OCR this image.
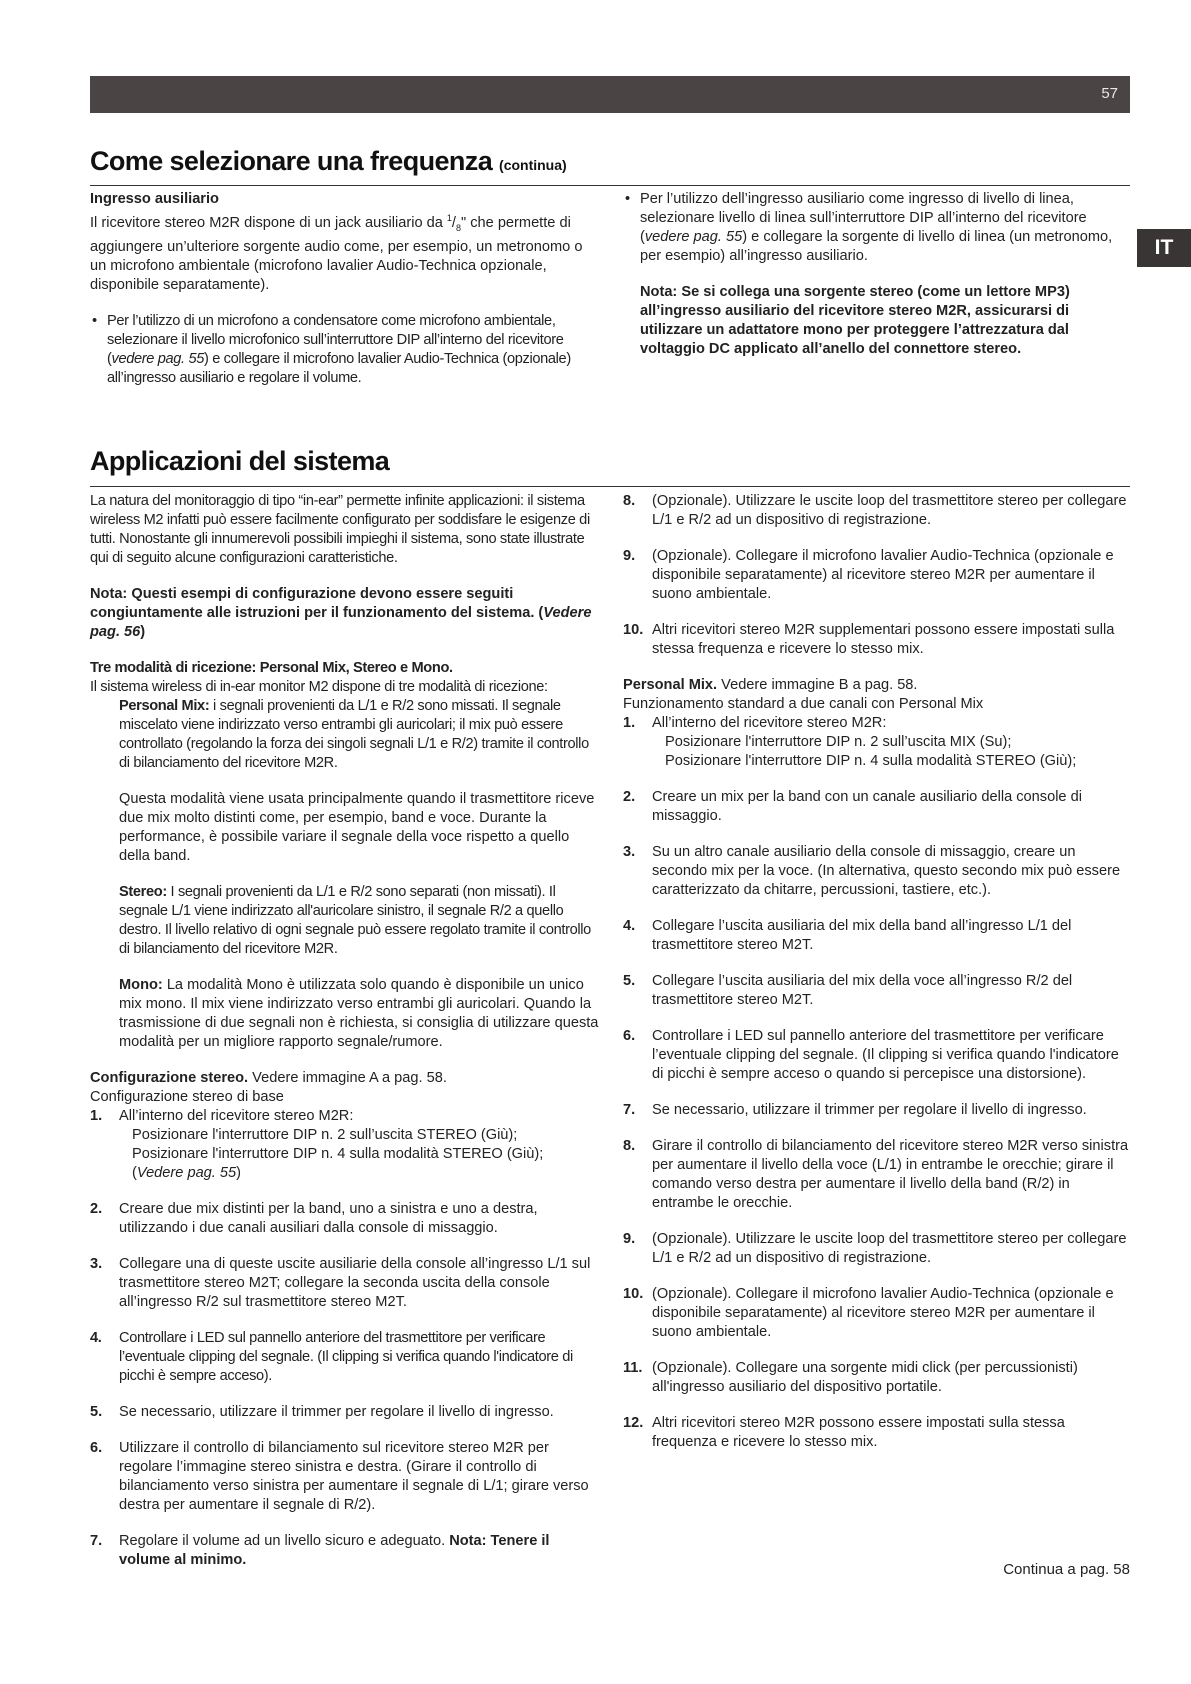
57
IT
Come selezionare una frequenza (continua)

Ingresso ausiliario

Il ricevitore stereo M2R dispone di un jack ausiliario da $^1/_8$" che permette di aggiungere un’ulteriore sorgente audio come, per esempio, un metronomo o un microfono ambientale (microfono lavalier Audio-Technica opzionale, disponibile separatamente).

• Per l’utilizzo di un microfono a condensatore come microfono ambientale, selezionare il livello microfonico sull’interruttore DIP all’interno del ricevitore (vedere pag. 55) e collegare il microfono lavalier Audio-Technica (opzionale) all’ingresso ausiliario e regolare il volume.

• Per l’utilizzo dell’ingresso ausiliario come ingresso di livello di linea, selezionare livello di linea sull’interruttore DIP all’interno del ricevitore (vedere pag. 55) e collegare la sorgente di livello di linea (un metronomo, per esempio) all’ingresso ausiliario.

Nota: Se si collega una sorgente stereo (come un lettore MP3) all’ingresso ausiliario del ricevitore stereo M2R, assicurarsi di utilizzare un adattatore mono per proteggere l’attrezzatura dal voltaggio DC applicato all’anello del connettore stereo.

Applicazioni del sistema

La natura del monitoraggio di tipo “in-ear” permette infinite applicazioni: il sistema wireless M2 infatti può essere facilmente configurato per soddisfare le esigenze di tutti. Nonostante gli innumerevoli possibili impieghi il sistema, sono state illustrate qui di seguito alcune configurazioni caratteristiche.

Nota: Questi esempi di configurazione devono essere seguiti congiuntamente alle istruzioni per il funzionamento del sistema. (Vedere pag. 56)

Tre modalità di ricezione: Personal Mix, Stereo e Mono.

Il sistema wireless di in-ear monitor M2 dispone di tre modalità di ricezione:

Personal Mix: i segnali provenienti da L/1 e R/2 sono missati. Il segnale miscelato viene indirizzato verso entrambi gli auricolari; il mix può essere controllato (regolando la forza dei singoli segnali L/1 e R/2) tramite il controllo di bilanciamento del ricevitore M2R.

Questa modalità viene usata principalmente quando il trasmettitore riceve due mix molto distinti come, per esempio, band e voce. Durante la performance, è possibile variare il segnale della voce rispetto a quello della band.

Stereo: I segnali provenienti da L/1 e R/2 sono separati (non missati). Il segnale L/1 viene indirizzato all'auricolare sinistro, il segnale R/2 a quello destro. Il livello relativo di ogni segnale può essere regolato tramite il controllo di bilanciamento del ricevitore M2R.

Mono: La modalità Mono è utilizzata solo quando è disponibile un unico mix mono. Il mix viene indirizzato verso entrambi gli auricolari. Quando la trasmissione di due segnali non è richiesta, si consiglia di utilizzare questa modalità per un migliore rapporto segnale/rumore.

Configurazione stereo. Vedere immagine A a pag. 58.

Configurazione stereo di base

1. All’interno del ricevitore stereo M2R:

Posizionare l'interruttore DIP n. 2 sull’uscita STEREO (Giù);

Posizionare l'interruttore DIP n. 4 sulla modalità STEREO (Giù);

(Vedere pag. 55)

2. Creare due mix distinti per la band, uno a sinistra e uno a destra, utilizzando i due canali ausiliari dalla console di missaggio.

3. Collegare una di queste uscite ausiliarie della console all’ingresso L/1 sul trasmettitore stereo M2T; collegare la seconda uscita della console all’ingresso R/2 sul trasmettitore stereo M2T.

4. Controllare i LED sul pannello anteriore del trasmettitore per verificare l’eventuale clipping del segnale. (Il clipping si verifica quando l'indicatore di picchi è sempre acceso).

5. Se necessario, utilizzare il trimmer per regolare il livello di ingresso.

6. Utilizzare il controllo di bilanciamento sul ricevitore stereo M2R per regolare l’immagine stereo sinistra e destra. (Girare il controllo di bilanciamento verso sinistra per aumentare il segnale di L/1; girare verso destra per aumentare il segnale di R/2).

7. Regolare il volume ad un livello sicuro e adeguato. Nota: Tenere il volume al minimo.

8. (Opzionale). Utilizzare le uscite loop del trasmettitore stereo per collegare L/1 e R/2 ad un dispositivo di registrazione.

9. (Opzionale). Collegare il microfono lavalier Audio-Technica (opzionale e disponibile separatamente) al ricevitore stereo M2R per aumentare il suono ambientale.

10. Altri ricevitori stereo M2R supplementari possono essere impostati sulla stessa frequenza e ricevere lo stesso mix.

Personal Mix. Vedere immagine B a pag. 58.

Funzionamento standard a due canali con Personal Mix

1. All’interno del ricevitore stereo M2R:

Posizionare l'interruttore DIP n. 2 sull’uscita MIX (Su);

Posizionare l'interruttore DIP n. 4 sulla modalità STEREO (Giù);

2. Creare un mix per la band con un canale ausiliario della console di missaggio.

3. Su un altro canale ausiliario della console di missaggio, creare un secondo mix per la voce. (In alternativa, questo secondo mix può essere caratterizzato da chitarre, percussioni, tastiere, etc.).

4. Collegare l’uscita ausiliaria del mix della band all’ingresso L/1 del trasmettitore stereo M2T.

5. Collegare l’uscita ausiliaria del mix della voce all’ingresso R/2 del trasmettitore stereo M2T.

6. Controllare i LED sul pannello anteriore del trasmettitore per verificare l’eventuale clipping del segnale. (Il clipping si verifica quando l'indicatore di picchi è sempre acceso o quando si percepisce una distorsione).

7. Se necessario, utilizzare il trimmer per regolare il livello di ingresso.

8. Girare il controllo di bilanciamento del ricevitore stereo M2R verso sinistra per aumentare il livello della voce (L/1) in entrambe le orecchie; girare il comando verso destra per aumentare il livello della band (R/2) in entrambe le orecchie.

9. (Opzionale). Utilizzare le uscite loop del trasmettitore stereo per collegare L/1 e R/2 ad un dispositivo di registrazione.

10. (Opzionale). Collegare il microfono lavalier Audio-Technica (opzionale e disponibile separatamente) al ricevitore stereo M2R per aumentare il suono ambientale.

11. (Opzionale). Collegare una sorgente midi click (per percussionisti) all'ingresso ausiliario del dispositivo portatile.

12. Altri ricevitori stereo M2R possono essere impostati sulla stessa frequenza e ricevere lo stesso mix.

Continua a pag. 58
